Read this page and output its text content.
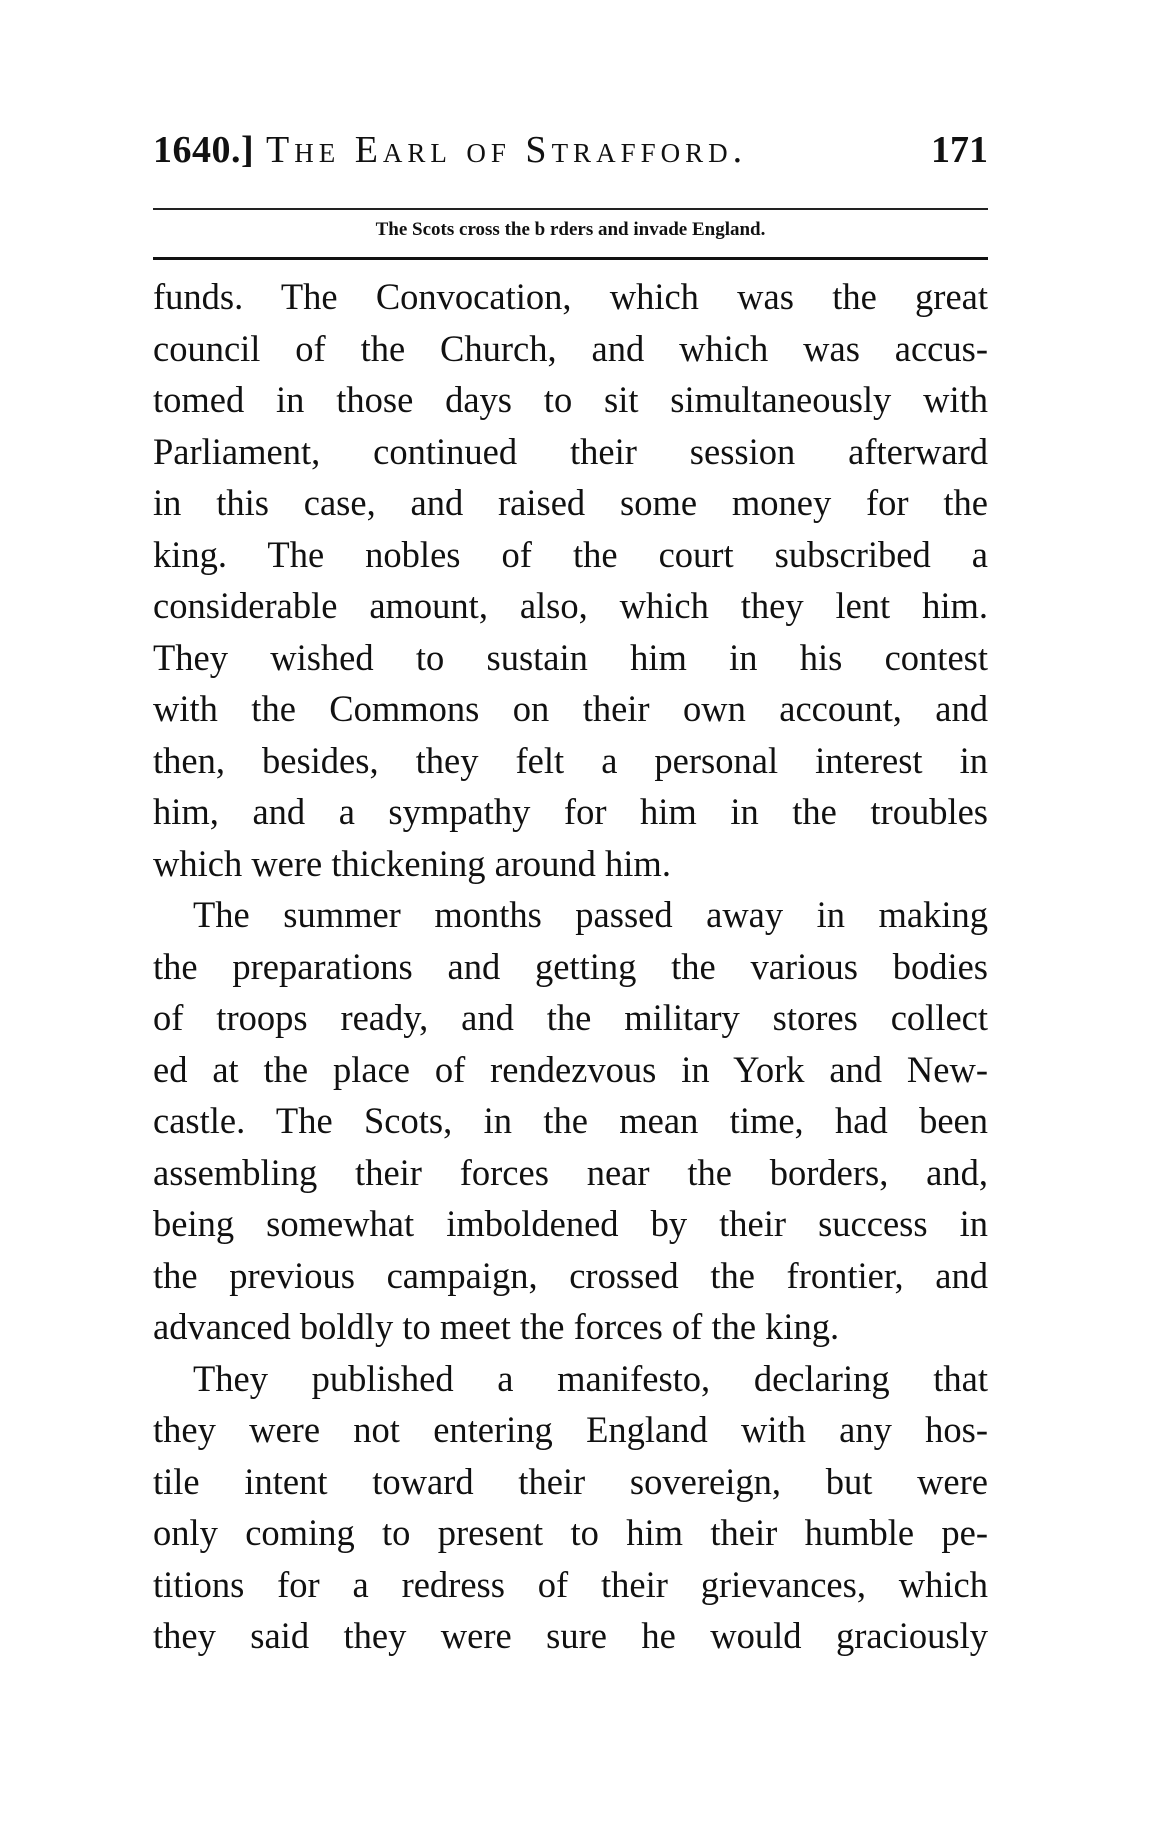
1640.] The Earl of Strafford.	171
The Scots cross the b rders and invade England.
funds. The Convocation, which was the great
council of the Church, and which was accus-
tomed in those days to sit simultaneously with
Parliament, continued their session afterward
in this case, and raised some money for the
king. The nobles of the court subscribed a
considerable amount, also, which they lent him.
They wished to sustain him in his contest
with the Commons on their own account, and
then, besides, they felt a personal interest in
him, and a sympathy for him in the troubles
which were thickening around him.
The summer months passed away in making
the preparations and getting the various bodies
of troops ready, and the military stores collect
ed at the place of rendezvous in York and New-
castle. The Scots, in the mean time, had been
assembling their forces near the borders, and,
being somewhat imboldened by their success in
the previous campaign, crossed the frontier, and
advanced boldly to meet the forces of the king.
They published a manifesto, declaring that
they were not entering England with any hos-
tile intent toward their sovereign, but were
only coming to present to him their humble pe-
titions for a redress of their grievances, which
they said they were sure he would graciously
